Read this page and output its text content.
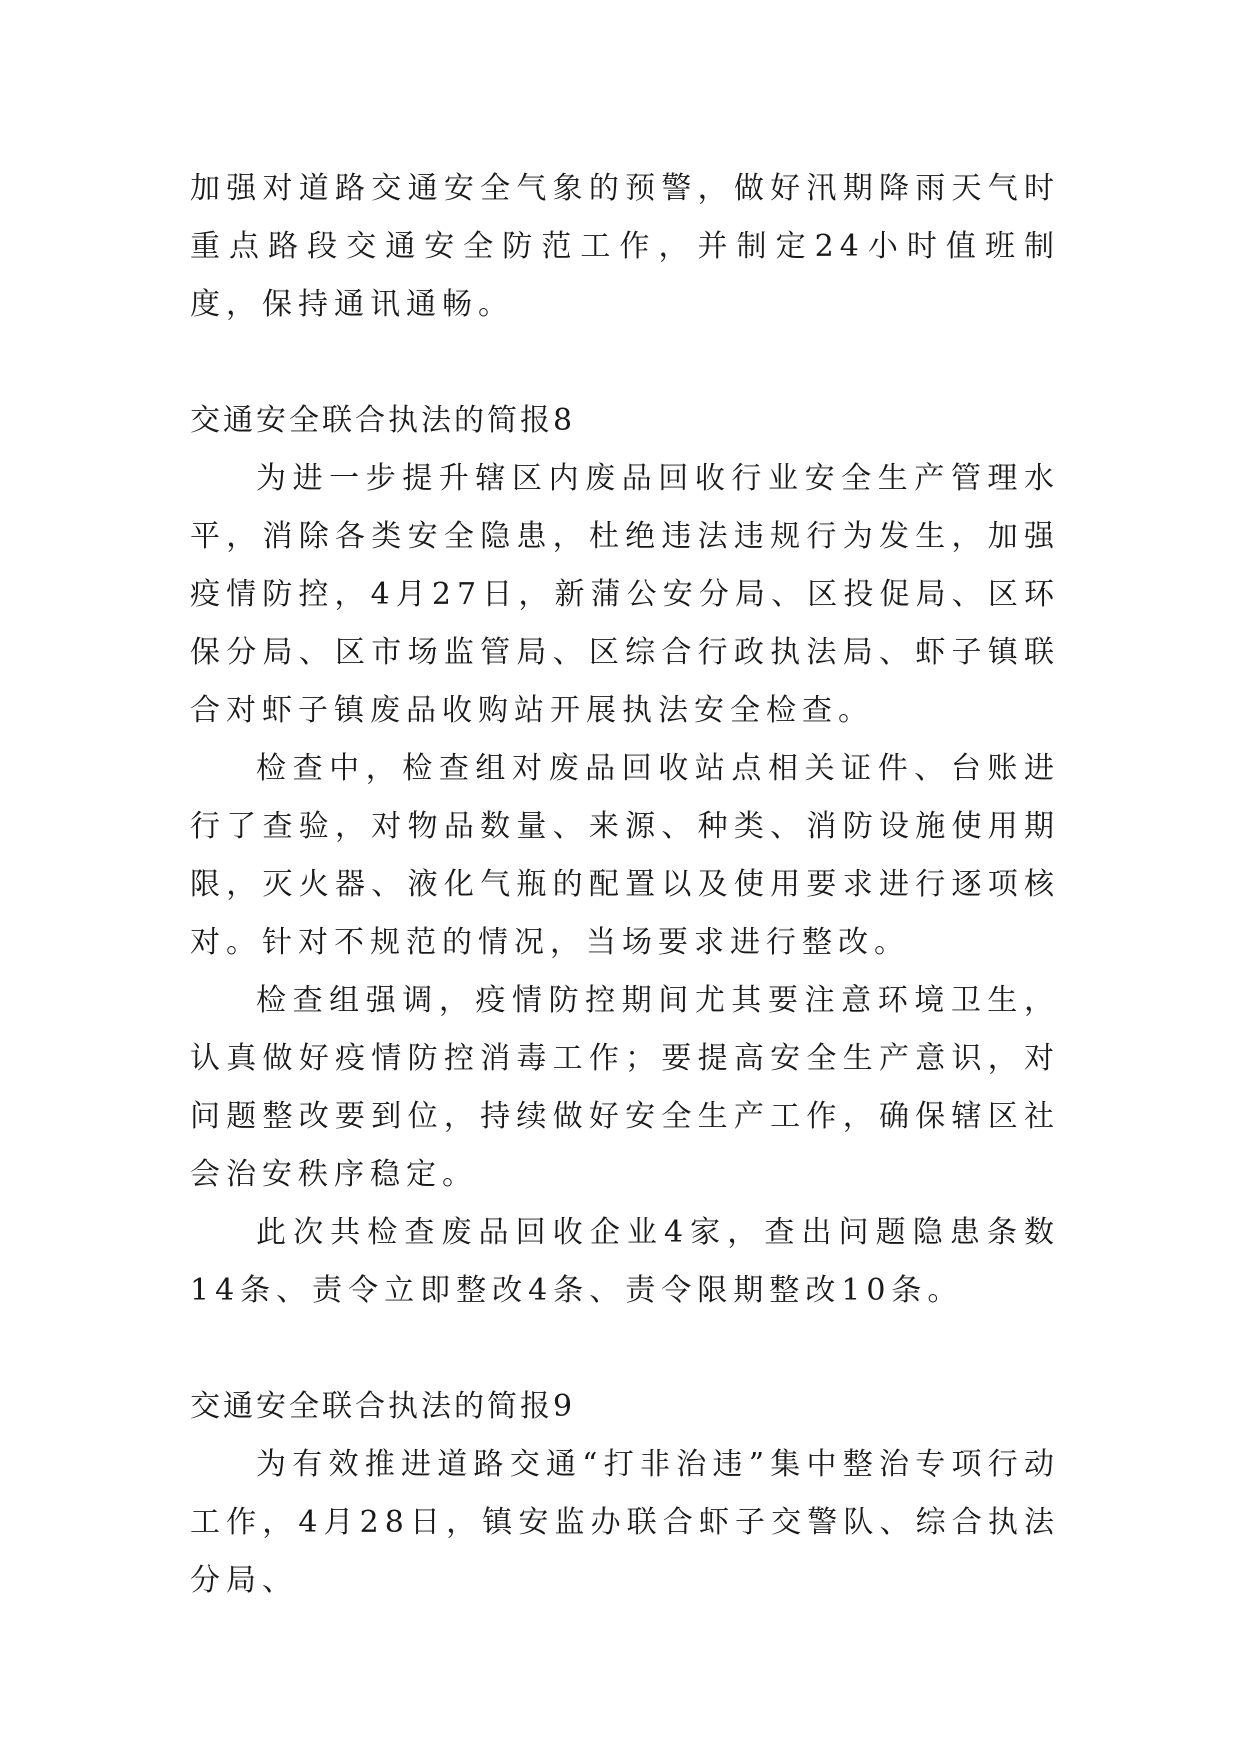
加强对道路交通安全气象的预警，做好汛期降雨天气时重点路段交通安全防范工作，并制定24小时值班制度，保持通讯通畅。

交通安全联合执法的简报8

为进一步提升辖区内废品回收行业安全生产管理水平，消除各类安全隐患，杜绝违法违规行为发生，加强疫情防控，4月27日，新蒲公安分局、区投促局、区环保分局、区市场监管局、区综合行政执法局、虾子镇联合对虾子镇废品收购站开展执法安全检查。

检查中，检查组对废品回收站点相关证件、台账进行了查验，对物品数量、来源、种类、消防设施使用期限，灭火器、液化气瓶的配置以及使用要求进行逐项核对。针对不规范的情况，当场要求进行整改。

检查组强调，疫情防控期间尤其要注意环境卫生，认真做好疫情防控消毒工作；要提高安全生产意识，对问题整改要到位，持续做好安全生产工作，确保辖区社会治安秩序稳定。

此次共检查废品回收企业4家，查出问题隐患条数14条、责令立即整改4条、责令限期整改10条。

交通安全联合执法的简报9

为有效推进道路交通“打非治违”集中整治专项行动工作，4月28日，镇安监办联合虾子交警队、综合执法分局、
